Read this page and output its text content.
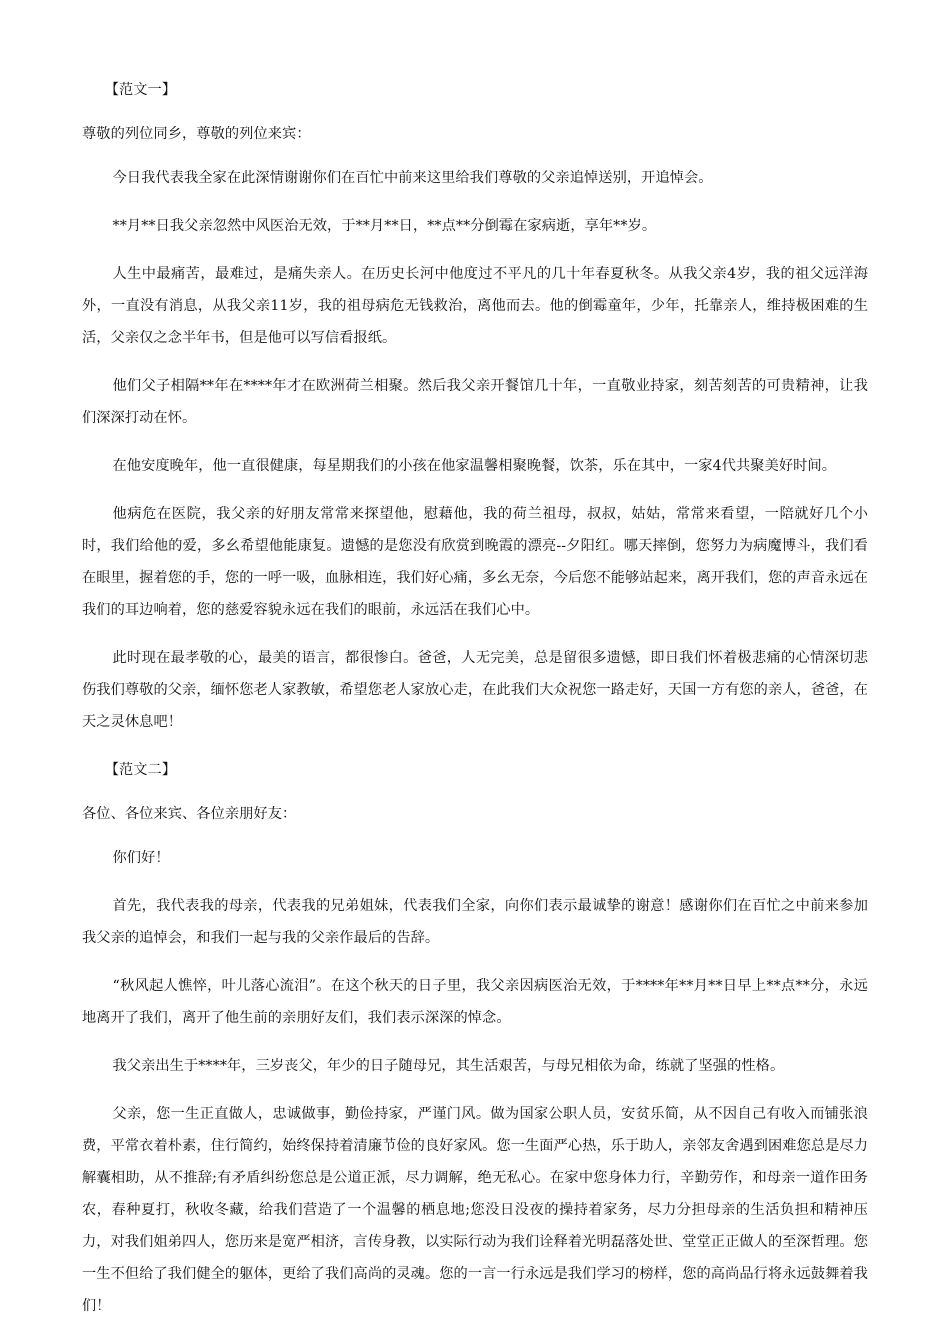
【范文一】

尊敬的列位同乡，尊敬的列位来宾：

今日我代表我全家在此深情谢谢你们在百忙中前来这里给我们尊敬的父亲追悼送别，开追悼会。

**月**日我父亲忽然中风医治无效，于**月**日，**点**分倒霉在家病逝，享年**岁。

人生中最痛苦，最难过，是痛失亲人。在历史长河中他度过不平凡的几十年春夏秋冬。从我父亲4岁，我的祖父远洋海外，一直没有消息，从我父亲11岁，我的祖母病危无钱救治，离他而去。他的倒霉童年，少年，托靠亲人，维持极困难的生活，父亲仅之念半年书，但是他可以写信看报纸。

他们父子相隔**年在****年才在欧洲荷兰相聚。然后我父亲开餐馆几十年，一直敬业持家，刻苦刻苦的可贵精神，让我们深深打动在怀。

在他安度晚年，他一直很健康，每星期我们的小孩在他家温馨相聚晚餐，饮茶，乐在其中，一家4代共聚美好时间。

他病危在医院，我父亲的好朋友常常来探望他，慰藉他，我的荷兰祖母，叔叔，姑姑，常常来看望，一陪就好几个小时，我们给他的爱，多幺希望他能康复。遗憾的是您没有欣赏到晚霞的漂亮--夕阳红。哪天摔倒，您努力为病魔博斗，我们看在眼里，握着您的手，您的一呼一吸，血脉相连，我们好心痛，多幺无奈，今后您不能够站起来，离开我们，您的声音永远在我们的耳边响着，您的慈爱容貌永远在我们的眼前，永远活在我们心中。

此时现在最孝敬的心，最美的语言，都很惨白。爸爸，人无完美，总是留很多遗憾，即日我们怀着极悲痛的心情深切悲伤我们尊敬的父亲，缅怀您老人家教敏，希望您老人家放心走，在此我们大众祝您一路走好，天国一方有您的亲人，爸爸，在天之灵休息吧！

【范文二】

各位、各位来宾、各位亲朋好友：

你们好！

首先，我代表我的母亲，代表我的兄弟姐妹，代表我们全家，向你们表示最诚挚的谢意！感谢你们在百忙之中前来参加我父亲的追悼会，和我们一起与我的父亲作最后的告辞。

“秋风起人憔悴，叶儿落心流泪”。在这个秋天的日子里，我父亲因病医治无效，于****年**月**日早上**点**分，永远地离开了我们，离开了他生前的亲朋好友们，我们表示深深的悼念。

我父亲出生于****年，三岁丧父，年少的日子随母兄，其生活艰苦，与母兄相依为命，练就了坚强的性格。

父亲，您一生正直做人，忠诚做事，勤俭持家，严谨门风。做为国家公职人员，安贫乐简，从不因自己有收入而铺张浪费，平常衣着朴素，住行简约，始终保持着清廉节俭的良好家风。您一生面严心热，乐于助人，亲邻友舍遇到困难您总是尽力解囊相助，从不推辞;有矛盾纠纷您总是公道正派，尽力调解，绝无私心。在家中您身体力行，辛勤劳作，和母亲一道作田务农，春种夏打，秋收冬藏，给我们营造了一个温馨的栖息地;您没日没夜的操持着家务，尽力分担母亲的生活负担和精神压力，对我们姐弟四人，您历来是宽严相济，言传身教，以实际行动为我们诠释着光明磊落处世、堂堂正正做人的至深哲理。您一生不但给了我们健全的躯体，更给了我们高尚的灵魂。您的一言一行永远是我们学习的榜样，您的高尚品行将永远鼓舞着我们！
